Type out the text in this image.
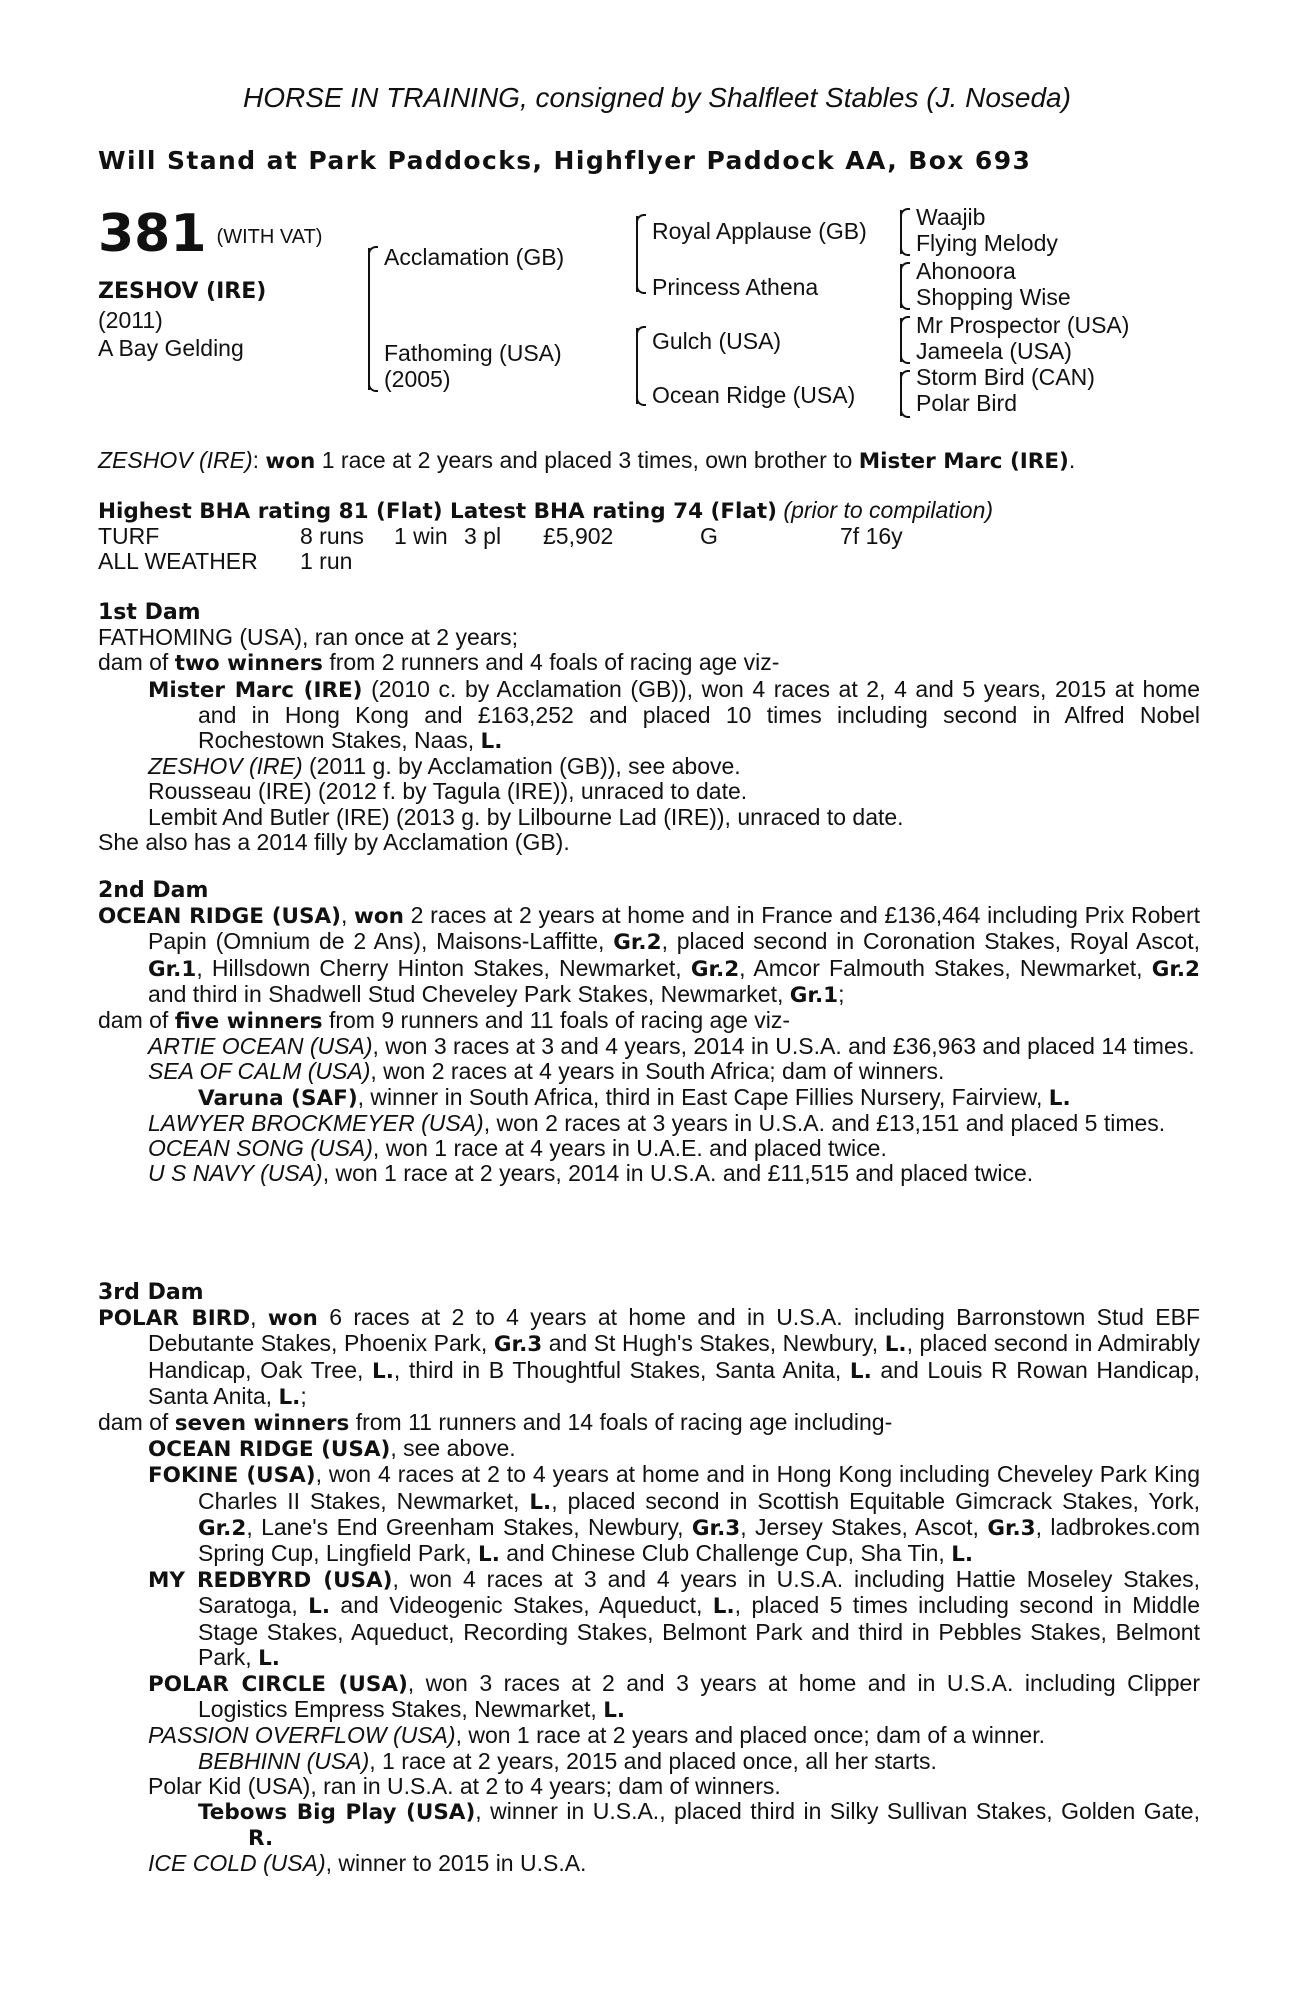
HORSE IN TRAINING, consigned by Shalfleet Stables (J. Noseda)
Will Stand at Park Paddocks, Highflyer Paddock AA, Box 693
381 (WITH VAT)
ZESHOV (IRE)
(2011)
A Bay Gelding
Acclamation (GB)
Fathoming (USA)
(2005)
Royal Applause (GB)
Princess Athena
Gulch (USA)
Ocean Ridge (USA)
Waajib
Flying Melody
Ahonoora
Shopping Wise
Mr Prospector (USA)
Jameela (USA)
Storm Bird (CAN)
Polar Bird
ZESHOV (IRE): won 1 race at 2 years and placed 3 times, own brother to Mister Marc (IRE).
Highest BHA rating 81 (Flat) Latest BHA rating 74 (Flat) (prior to compilation)
TURF	8 runs 1 win 3 pl £5,902	G	7f 16y
ALL WEATHER 1 run
1st Dam
FATHOMING (USA), ran once at 2 years;
dam of two winners from 2 runners and 4 foals of racing age viz-
Mister Marc (IRE) (2010 c. by Acclamation (GB)), won 4 races at 2, 4 and 5 years, 2015 at home and in Hong Kong and £163,252 and placed 10 times including second in Alfred Nobel Rochestown Stakes, Naas, L.
ZESHOV (IRE) (2011 g. by Acclamation (GB)), see above.
Rousseau (IRE) (2012 f. by Tagula (IRE)), unraced to date.
Lembit And Butler (IRE) (2013 g. by Lilbourne Lad (IRE)), unraced to date.
She also has a 2014 filly by Acclamation (GB).
2nd Dam
OCEAN RIDGE (USA), won 2 races at 2 years at home and in France and £136,464 including Prix Robert Papin (Omnium de 2 Ans), Maisons-Laffitte, Gr.2, placed second in Coronation Stakes, Royal Ascot, Gr.1, Hillsdown Cherry Hinton Stakes, Newmarket, Gr.2, Amcor Falmouth Stakes, Newmarket, Gr.2 and third in Shadwell Stud Cheveley Park Stakes, Newmarket, Gr.1;
dam of five winners from 9 runners and 11 foals of racing age viz-
ARTIE OCEAN (USA), won 3 races at 3 and 4 years, 2014 in U.S.A. and £36,963 and placed 14 times.
SEA OF CALM (USA), won 2 races at 4 years in South Africa; dam of winners.
Varuna (SAF), winner in South Africa, third in East Cape Fillies Nursery, Fairview, L.
LAWYER BROCKMEYER (USA), won 2 races at 3 years in U.S.A. and £13,151 and placed 5 times.
OCEAN SONG (USA), won 1 race at 4 years in U.A.E. and placed twice.
U S NAVY (USA), won 1 race at 2 years, 2014 in U.S.A. and £11,515 and placed twice.
3rd Dam
POLAR BIRD, won 6 races at 2 to 4 years at home and in U.S.A. including Barronstown Stud EBF Debutante Stakes, Phoenix Park, Gr.3 and St Hugh's Stakes, Newbury, L., placed second in Admirably Handicap, Oak Tree, L., third in B Thoughtful Stakes, Santa Anita, L. and Louis R Rowan Handicap, Santa Anita, L.;
dam of seven winners from 11 runners and 14 foals of racing age including-
OCEAN RIDGE (USA), see above.
FOKINE (USA), won 4 races at 2 to 4 years at home and in Hong Kong including Cheveley Park King Charles II Stakes, Newmarket, L., placed second in Scottish Equitable Gimcrack Stakes, York, Gr.2, Lane's End Greenham Stakes, Newbury, Gr.3, Jersey Stakes, Ascot, Gr.3, ladbrokes.com Spring Cup, Lingfield Park, L. and Chinese Club Challenge Cup, Sha Tin, L.
MY REDBYRD (USA), won 4 races at 3 and 4 years in U.S.A. including Hattie Moseley Stakes, Saratoga, L. and Videogenic Stakes, Aqueduct, L., placed 5 times including second in Middle Stage Stakes, Aqueduct, Recording Stakes, Belmont Park and third in Pebbles Stakes, Belmont Park, L.
POLAR CIRCLE (USA), won 3 races at 2 and 3 years at home and in U.S.A. including Clipper Logistics Empress Stakes, Newmarket, L.
PASSION OVERFLOW (USA), won 1 race at 2 years and placed once; dam of a winner.
BEBHINN (USA), 1 race at 2 years, 2015 and placed once, all her starts.
Polar Kid (USA), ran in U.S.A. at 2 to 4 years; dam of winners.
Tebows Big Play (USA), winner in U.S.A., placed third in Silky Sullivan Stakes, Golden Gate, R.
ICE COLD (USA), winner to 2015 in U.S.A.
